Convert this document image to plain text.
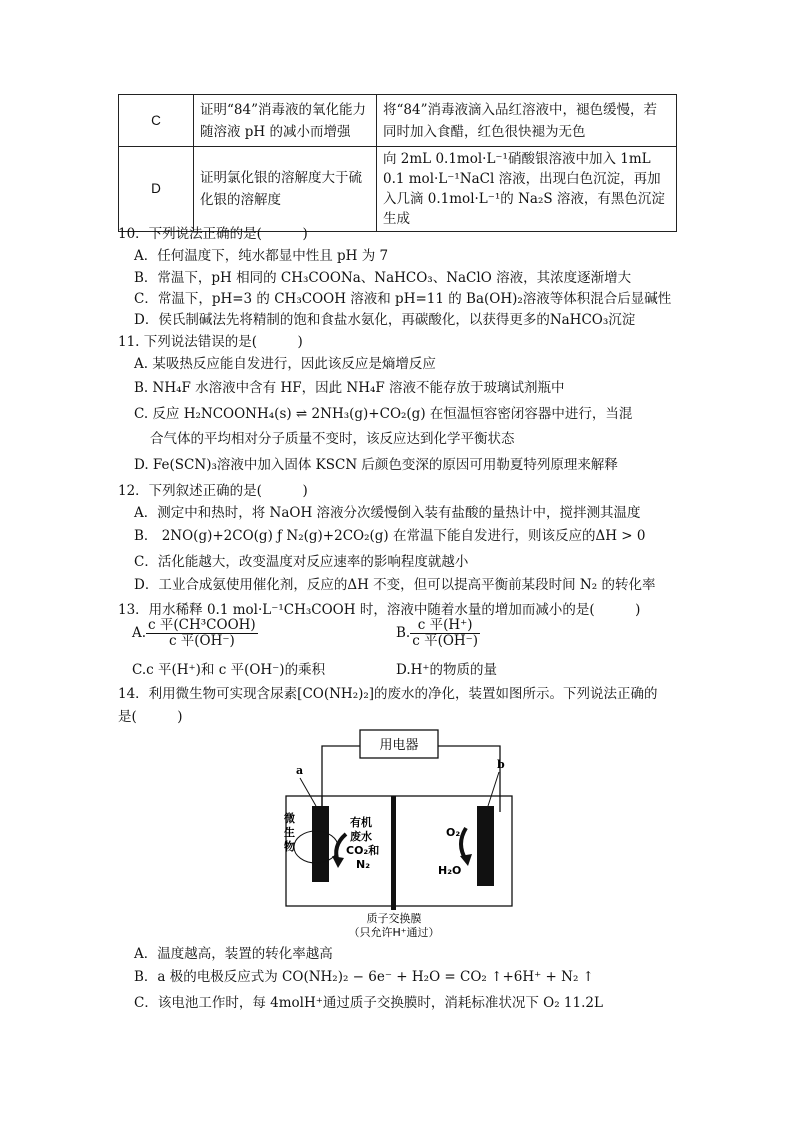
C	证明“84”消毒液的氧化能力随溶液 pH 的减小而增强	将“84”消毒液滴入品红溶液中，褪色缓慢，若同时加入食醋，红色很快褪为无色
D	证明氯化银的溶解度大于硫化银的溶解度	向 2mL 0.1mol·L⁻¹硝酸银溶液中加入 1mL 0.1 mol·L⁻¹NaCl 溶液，出现白色沉淀，再加入几滴 0.1mol·L⁻¹的 Na₂S 溶液，有黑色沉淀生成
10．下列说法正确的是(　　　)
A．任何温度下，纯水都显中性且 pH 为 7
B．常温下，pH 相同的 CH₃COONa、NaHCO₃、NaClO 溶液，其浓度逐渐增大
C．常温下，pH=3 的 CH₃COOH 溶液和 pH=11 的 Ba(OH)₂溶液等体积混合后显碱性
D．侯氏制碱法先将精制的饱和食盐水氨化，再碳酸化，以获得更多的NaHCO₃沉淀
11. 下列说法错误的是(　　　)
A. 某吸热反应能自发进行，因此该反应是熵增反应
B. NH₄F 水溶液中含有 HF，因此 NH₄F 溶液不能存放于玻璃试剂瓶中
C. 反应 H₂NCOONH₄(s) ⇌ 2NH₃(g)+CO₂(g) 在恒温恒容密闭容器中进行，当混
合气体的平均相对分子质量不变时，该反应达到化学平衡状态
D. Fe(SCN)₃溶液中加入固体 KSCN 后颜色变深的原因可用勒夏特列原理来解释
12．下列叙述正确的是(　　　)
A．测定中和热时，将 NaOH 溶液分次缓慢倒入装有盐酸的量热计中，搅拌测其温度
B． 2NO(g)+2CO(g) ƒ N₂(g)+2CO₂(g) 在常温下能自发进行，则该反应的ΔH > 0
C．活化能越大，改变温度对反应速率的影响程度就越小
D．工业合成氨使用催化剂，反应的ΔH 不变，但可以提高平衡前某段时间 N₂ 的转化率
13．用水稀释 0.1 mol·L⁻¹CH₃COOH 时，溶液中随着水量的增加而减小的是(　　　)
A. $\frac{\text{c 平(CH³COOH)}}{\text{c 平(OH⁻)}}$	B. $\frac{\text{c 平(H⁺)}}{\text{c 平(OH⁻)}}$
C.c 平(H⁺)和 c 平(OH⁻)的乘积	D.H⁺的物质的量
14．利用微生物可实现含尿素[CO(NH₂)₂]的废水的净化，装置如图所示。下列说法正确的
是(　　　)
用电器
a	b
微生物
有机
废水
CO₂和
N₂
O₂
H₂O
质子交换膜
（只允许H⁺通过）
A．温度越高，装置的转化率越高
B．a 极的电极反应式为 CO(NH₂)₂ − 6e⁻ + H₂O = CO₂ ↑+6H⁺ + N₂ ↑
C．该电池工作时，每 4molH⁺通过质子交换膜时，消耗标准状况下 O₂ 11.2L
